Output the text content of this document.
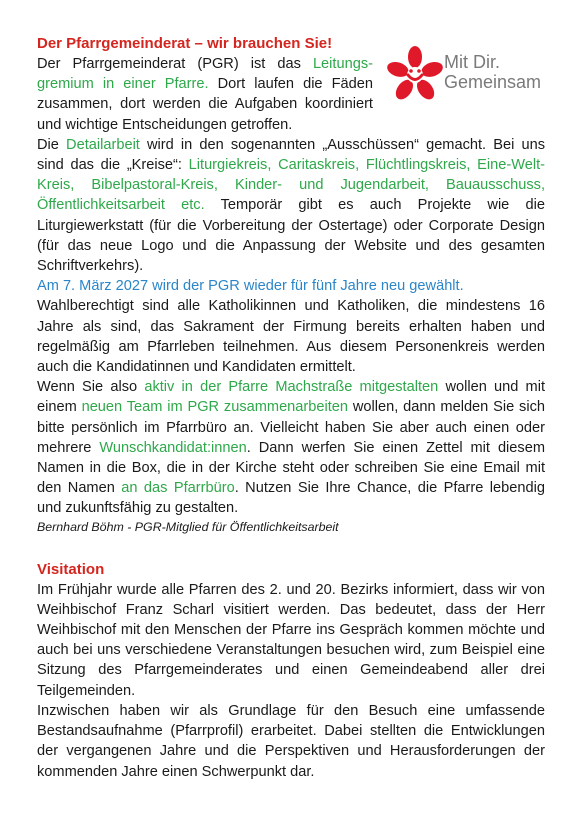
Mit Dir.
Gemeinsam
Der Pfarrgemeinderat – wir brauchen Sie!

Der Pfarrgemeinderat (PGR) ist das Leitungsgremium in einer Pfarre. Dort laufen die Fäden zusammen, dort werden die Aufgaben koordiniert und wichtige Entscheidungen getroffen.

Die Detailarbeit wird in den sogenannten „Ausschüssen“ gemacht. Bei uns sind das die „Kreise“: Liturgiekreis, Caritaskreis, Flüchtlingskreis, Eine-Welt-Kreis, Bibelpastoral-Kreis, Kinder- und Jugendarbeit, Bauausschuss, Öffentlichkeitsarbeit etc. Temporär gibt es auch Projekte wie die Liturgiewerkstatt (für die Vorbereitung der Ostertage) oder Corporate Design (für das neue Logo und die Anpassung der Website und des gesamten Schriftverkehrs).

Am 7. März 2027 wird der PGR wieder für fünf Jahre neu gewählt.

Wahlberechtigt sind alle Katholikinnen und Katholiken, die mindestens 16 Jahre als sind, das Sakrament der Firmung bereits erhalten haben und regelmäßig am Pfarrleben teilnehmen. Aus diesem Personenkreis werden auch die Kandidatinnen und Kandidaten ermittelt.

Wenn Sie also aktiv in der Pfarre Machstraße mitgestalten wollen und mit einem neuen Team im PGR zusammenarbeiten wollen, dann melden Sie sich bitte persönlich im Pfarrbüro an. Vielleicht haben Sie aber auch einen oder mehrere Wunschkandidat:innen. Dann werfen Sie einen Zettel mit diesem Namen in die Box, die in der Kirche steht oder schreiben Sie eine Email mit den Namen an das Pfarrbüro. Nutzen Sie Ihre Chance, die Pfarre lebendig und zukunftsfähig zu gestalten.

Bernhard Böhm - PGR-Mitglied für Öffentlichkeitsarbeit

Visitation

Im Frühjahr wurde alle Pfarren des 2. und 20. Bezirks informiert, dass wir von Weihbischof Franz Scharl visitiert werden. Das bedeutet, dass der Herr Weihbischof mit den Menschen der Pfarre ins Gespräch kommen möchte und auch bei uns verschiedene Veranstaltungen besuchen wird, zum Beispiel eine Sitzung des Pfarrgemeinderates und einen Gemeindeabend aller drei Teilgemeinden.

Inzwischen haben wir als Grundlage für den Besuch eine umfassende Bestandsaufnahme (Pfarrprofil) erarbeitet. Dabei stellten die Entwicklungen der vergangenen Jahre und die Perspektiven und Herausforderungen der kommenden Jahre einen Schwerpunkt dar.
